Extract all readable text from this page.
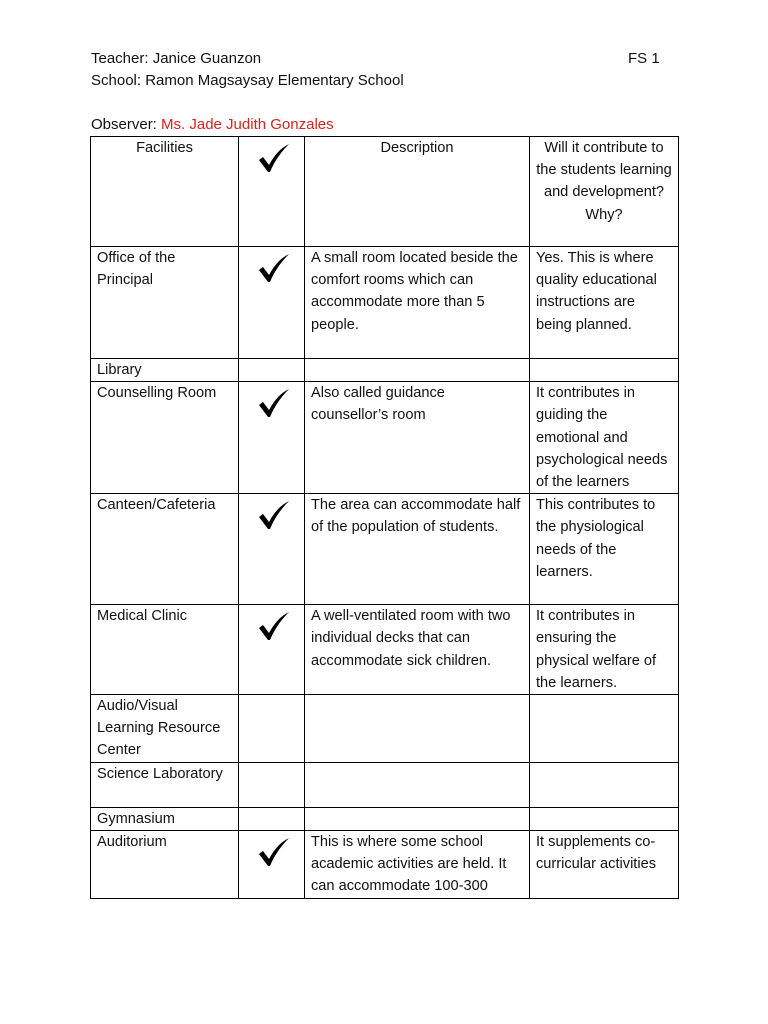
Teacher: Janice Guanzon	FS 1
School: Ramon Magsaysay Elementary School
Observer: Ms. Jade Judith Gonzales
Facilities		Description	Will it contribute to the students learning and development? Why?
Office of the Principal		A small room located beside the comfort rooms which can accommodate more than 5 people.	Yes. This is where quality educational instructions are being planned.
Library			
Counselling Room		Also called guidance counsellor’s room	It contributes in guiding the emotional and psychological needs of the learners
Canteen/Cafeteria		The area can accommodate half of the population of students.	This contributes to the physiological needs of the learners.
Medical Clinic		A well-ventilated room with two individual decks that can accommodate sick children.	It contributes in ensuring the physical welfare of the learners.
Audio/Visual Learning Resource Center			
Science Laboratory			
Gymnasium			
Auditorium		This is where some school academic activities are held. It can accommodate 100-300	It supplements co-curricular activities
